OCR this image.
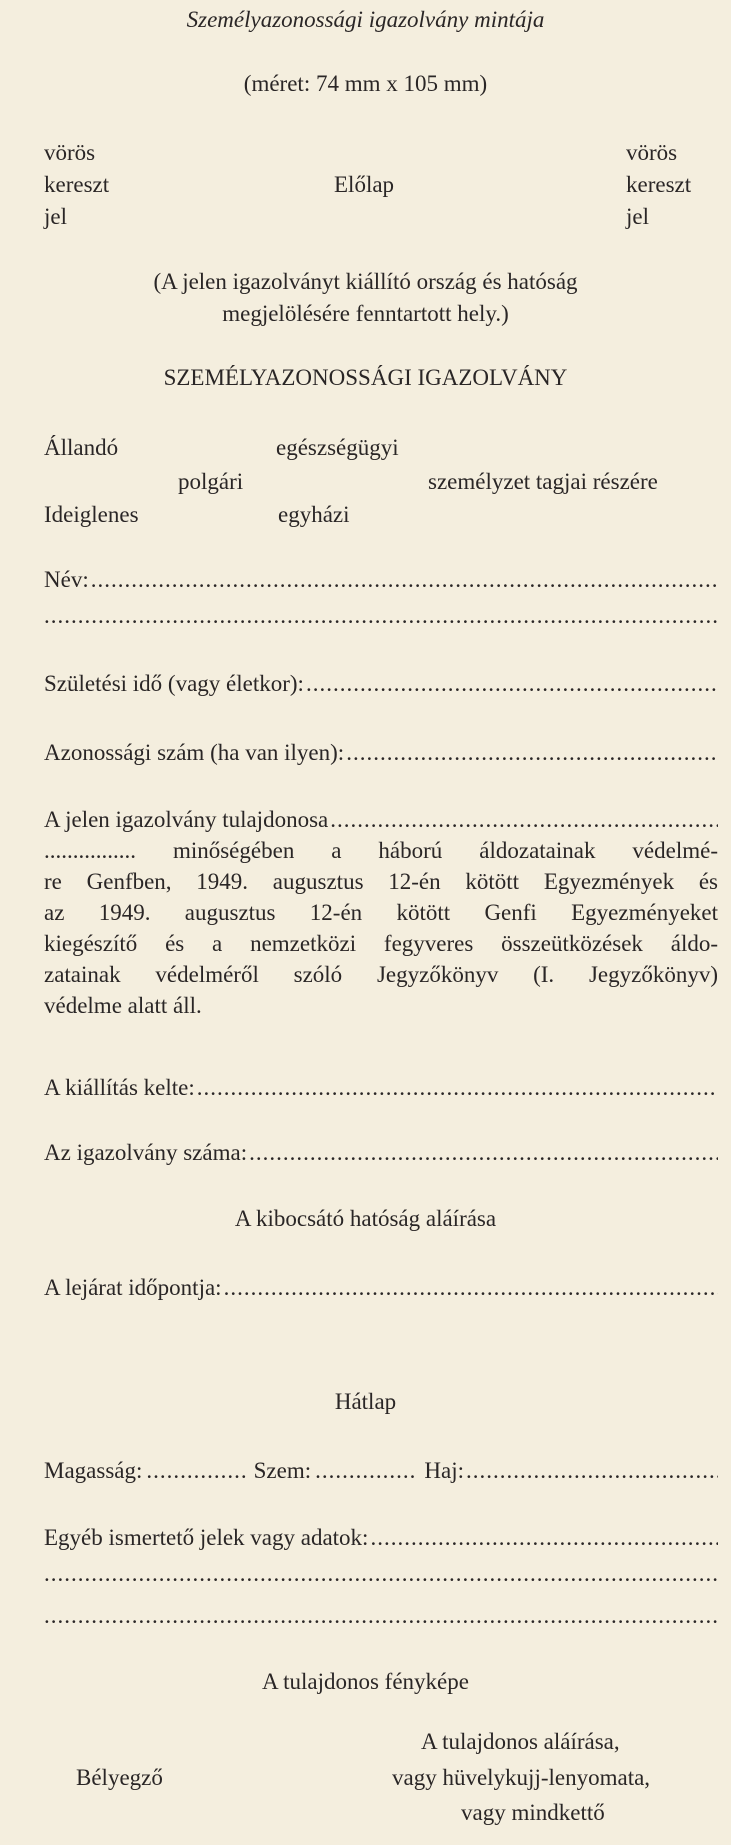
Személyazonossági igazolvány mintája
(méret: 74 mm x 105 mm)
vörös
kereszt
jel
vörös
kereszt
jel
Előlap
(A jelen igazolványt kiállító ország és hatóság
megjelölésére fenntartott hely.)
SZEMÉLYAZONOSSÁGI IGAZOLVÁNY
Állandó	egészségügyi
polgári	személyzet tagjai részére
Ideiglenes	egyházi
Név:
.....
.....
Születési idő (vagy életkor):
.....
Azonossági szám (ha van ilyen):
.....
A jelen igazolvány tulajdonosa
.....
................ minőségében a háború áldozatainak védelmé-
re Genfben, 1949. augusztus 12-én kötött Egyezmények és
az 1949. augusztus 12-én kötött Genfi Egyezményeket
kiegészítő és a nemzetközi fegyveres összeütközések áldo-
zatainak védelméről szóló Jegyzőkönyv (I. Jegyzőkönyv)
védelme alatt áll.
A kiállítás kelte:
.....
Az igazolvány száma:
.....
A kibocsátó hatóság aláírása
A lejárat időpontja:
.....
Hátlap
Magasság: ............... Szem: ............... Haj:
.....
Egyéb ismertető jelek vagy adatok:
.....
.....
.....
A tulajdonos fényképe
A tulajdonos aláírása,
Bélyegző	vagy hüvelykujj-lenyomata,
vagy mindkettő
